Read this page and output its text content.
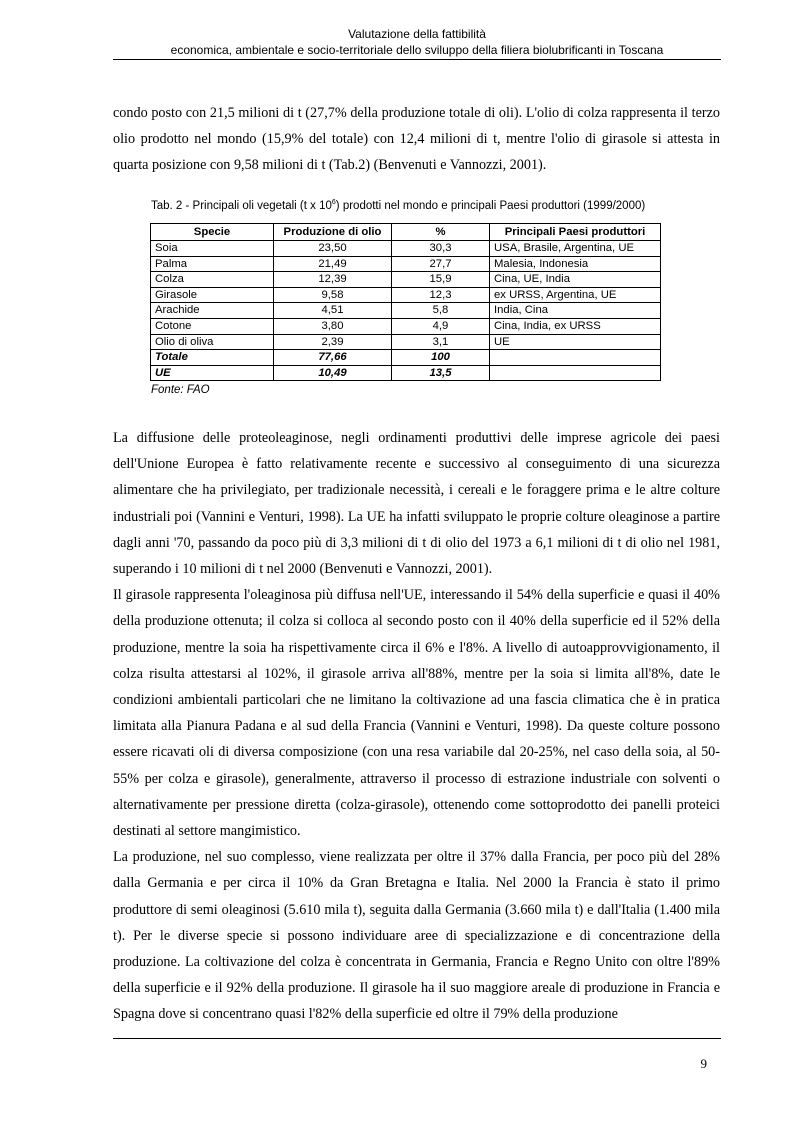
Valutazione della fattibilità
economica, ambientale e socio-territoriale dello sviluppo della filiera biolubrificanti in Toscana

condo posto con 21,5 milioni di t (27,7% della produzione totale di oli). L'olio di colza rappresenta il terzo olio prodotto nel mondo (15,9% del totale) con 12,4 milioni di t, mentre l'olio di girasole si attesta in quarta posizione con 9,58 milioni di t (Tab.2) (Benvenuti e Vannozzi, 2001).

Tab. 2 - Principali oli vegetali (t x $10^6$) prodotti nel mondo e principali Paesi produttori (1999/2000)
Specie	Produzione di olio	%	Principali Paesi produttori
Soia	23,50	30,3	USA, Brasile, Argentina, UE
Palma	21,49	27,7	Malesia, Indonesia
Colza	12,39	15,9	Cina, UE, India
Girasole	9,58	12,3	ex URSS, Argentina, UE
Arachide	4,51	5,8	India, Cina
Cotone	3,80	4,9	Cina, India, ex URSS
Olio di oliva	2,39	3,1	UE
Totale	77,66	100	
UE	10,49	13,5	
Fonte: FAO

La diffusione delle proteoleaginose, negli ordinamenti produttivi delle imprese agricole dei paesi dell'Unione Europea è fatto relativamente recente e successivo al conseguimento di una sicurezza alimentare che ha privilegiato, per tradizionale necessità, i cereali e le foraggere prima e le altre colture industriali poi (Vannini e Venturi, 1998). La UE ha infatti sviluppato le proprie colture oleaginose a partire dagli anni '70, passando da poco più di 3,3 milioni di t di olio del 1973 a 6,1 milioni di t di olio nel 1981, superando i 10 milioni di t nel 2000 (Benvenuti e Vannozzi, 2001).

Il girasole rappresenta l'oleaginosa più diffusa nell'UE, interessando il 54% della superficie e quasi il 40% della produzione ottenuta; il colza si colloca al secondo posto con il 40% della superficie ed il 52% della produzione, mentre la soia ha rispettivamente circa il 6% e l'8%. A livello di autoapprovvigionamento, il colza risulta attestarsi al 102%, il girasole arriva all'88%, mentre per la soia si limita all'8%, date le condizioni ambientali particolari che ne limitano la coltivazione ad una fascia climatica che è in pratica limitata alla Pianura Padana e al sud della Francia (Vannini e Venturi, 1998). Da queste colture possono essere ricavati oli di diversa composizione (con una resa variabile dal 20-25%, nel caso della soia, al 50-55% per colza e girasole), generalmente, attraverso il processo di estrazione industriale con solventi o alternativamente per pressione diretta (colza-girasole), ottenendo come sottoprodotto dei panelli proteici destinati al settore mangimistico.

La produzione, nel suo complesso, viene realizzata per oltre il 37% dalla Francia, per poco più del 28% dalla Germania e per circa il 10% da Gran Bretagna e Italia. Nel 2000 la Francia è stato il primo produttore di semi oleaginosi (5.610 mila t), seguita dalla Germania (3.660 mila t) e dall'Italia (1.400 mila t). Per le diverse specie si possono individuare aree di specializzazione e di concentrazione della produzione. La coltivazione del colza è concentrata in Germania, Francia e Regno Unito con oltre l'89% della superficie e il 92% della produzione. Il girasole ha il suo maggiore areale di produzione in Francia e Spagna dove si concentrano quasi l'82% della superficie ed oltre il 79% della produzione

9
